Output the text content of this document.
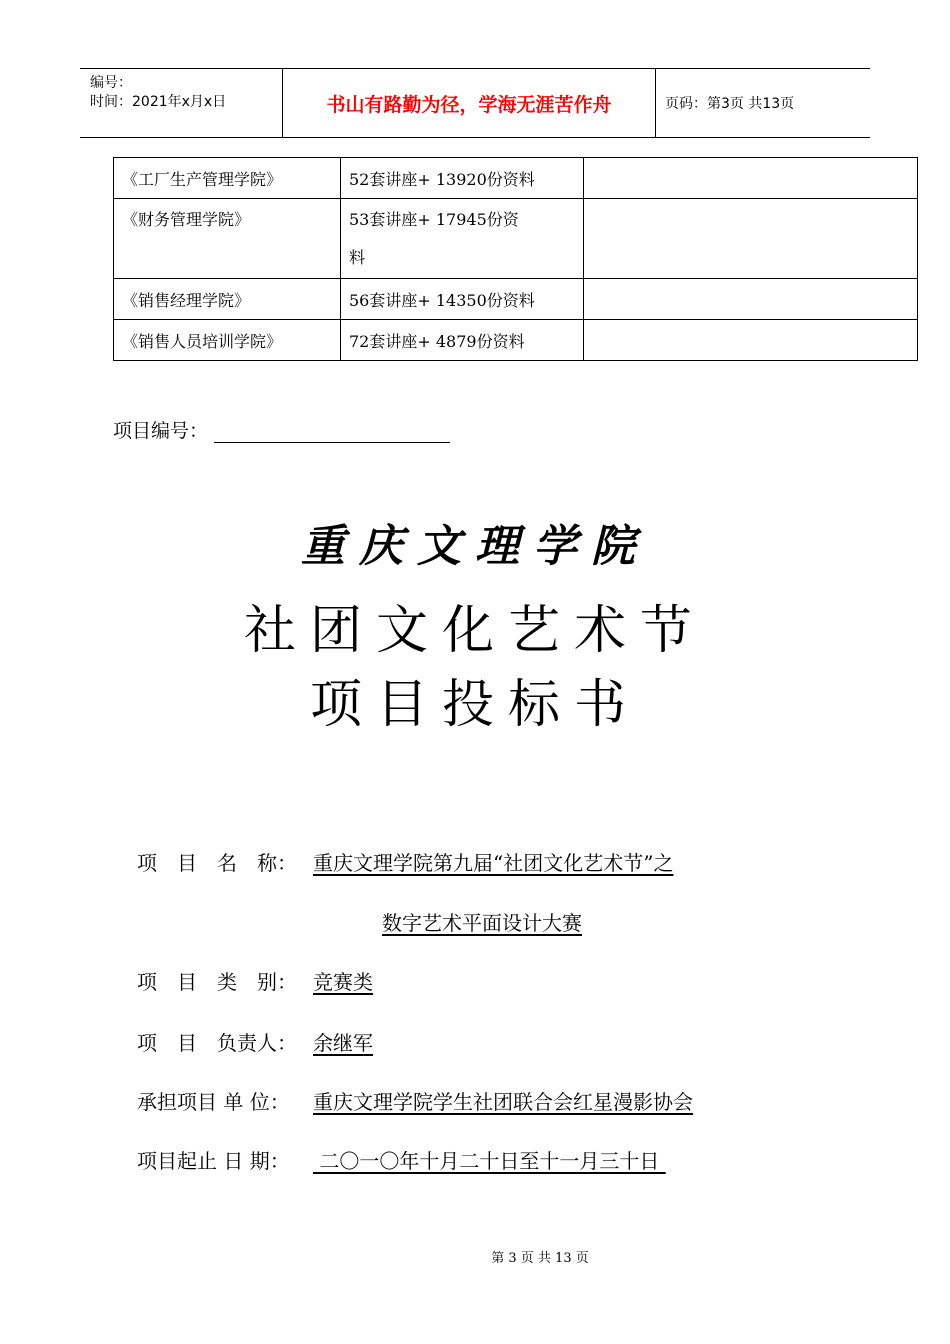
编号：
时间：2021年x月x日	书山有路勤为径，学海无涯苦作舟	页码：第3页 共13页
《工厂生产管理学院》	52套讲座+ 13920份资料	
《财务管理学院》	53套讲座+ 17945份资
料	
《销售经理学院》	56套讲座+ 14350份资料	
《销售人员培训学院》	72套讲座+ 4879份资料	
项目编号：
重庆文理学院
社团文化艺术节
项目投标书
项　目　名　称： 重庆文理学院第九届“社团文化艺术节”之
数字艺术平面设计大赛
项　目　类　别： 竞赛类
项　目　负责人： 余继军
承担项目 单 位： 重庆文理学院学生社团联合会红星漫影协会
项目起止 日 期： 二〇一〇年十月二十日至十一月三十日
第 3 页 共 13 页
